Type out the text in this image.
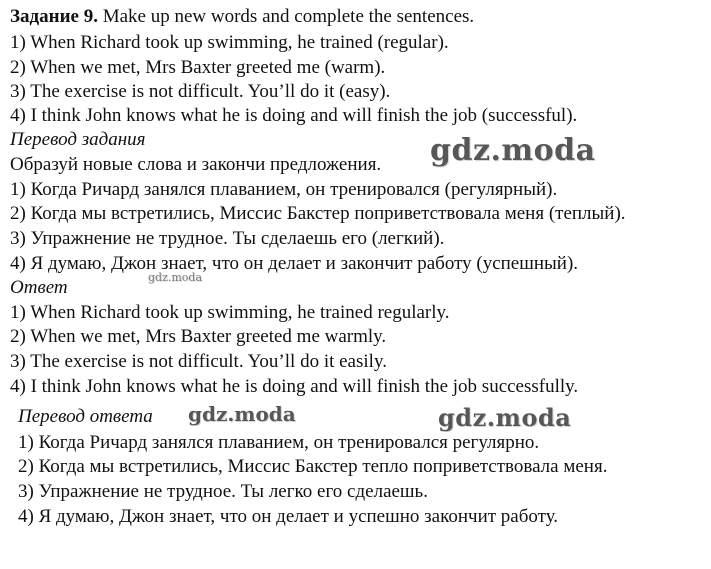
Задание 9. Make up new words and complete the sentences.
1) When Richard took up swimming, he trained (regular).
2) When we met, Mrs Baxter greeted me (warm).
3) The exercise is not difficult. You’ll do it (easy).
4) I think John knows what he is doing and will finish the job (successful).
Перевод задания
Образуй новые слова и закончи предложения.
1) Когда Ричард занялся плаванием, он тренировался (регулярный).
2) Когда мы встретились, Миссис Бакстер поприветствовала меня (теплый).
3) Упражнение не трудное. Ты сделаешь его (легкий).
4) Я думаю, Джон знает, что он делает и закончит работу (успешный).
Ответ
1) When Richard took up swimming, he trained regularly.
2) When we met, Mrs Baxter greeted me warmly.
3) The exercise is not difficult. You’ll do it easily.
4) I think John knows what he is doing and will finish the job successfully.
Перевод ответа
1) Когда Ричард занялся плаванием, он тренировался регулярно.
2) Когда мы встретились, Миссис Бакстер тепло поприветствовала меня.
3) Упражнение не трудное. Ты легко его сделаешь.
4) Я думаю, Джон знает, что он делает и успешно закончит работу.
gdz.moda
gdz.moda
gdz.moda	gdz.moda
